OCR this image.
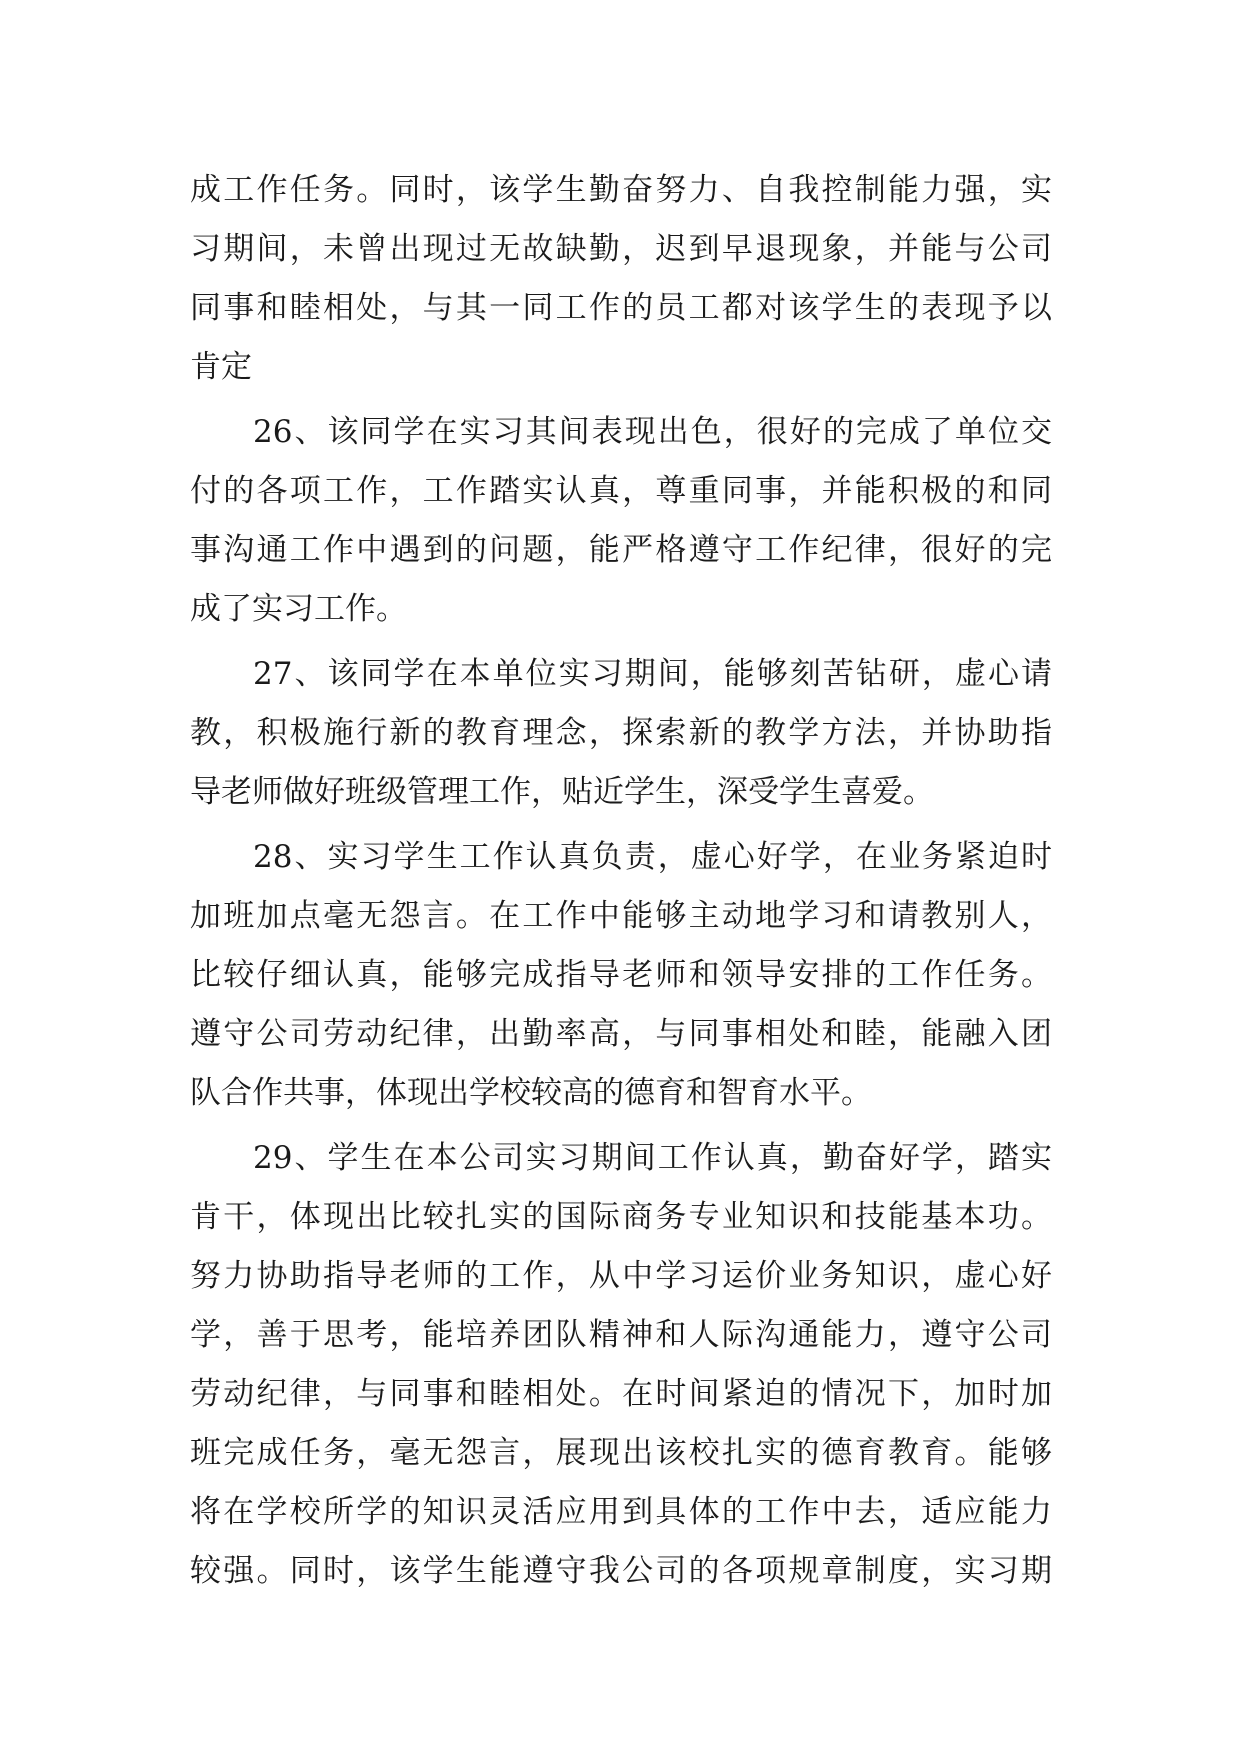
成工作任务。同时，该学生勤奋努力、自我控制能力强，实
习期间，未曾出现过无故缺勤，迟到早退现象，并能与公司
同事和睦相处，与其一同工作的员工都对该学生的表现予以
肯定
26、该同学在实习其间表现出色，很好的完成了单位交
付的各项工作，工作踏实认真，尊重同事，并能积极的和同
事沟通工作中遇到的问题，能严格遵守工作纪律，很好的完
成了实习工作。
27、该同学在本单位实习期间，能够刻苦钻研，虚心请
教，积极施行新的教育理念，探索新的教学方法，并协助指
导老师做好班级管理工作，贴近学生，深受学生喜爱。
28、实习学生工作认真负责，虚心好学，在业务紧迫时
加班加点毫无怨言。在工作中能够主动地学习和请教别人，
比较仔细认真，能够完成指导老师和领导安排的工作任务。
遵守公司劳动纪律，出勤率高，与同事相处和睦，能融入团
队合作共事，体现出学校较高的德育和智育水平。
29、学生在本公司实习期间工作认真，勤奋好学，踏实
肯干，体现出比较扎实的国际商务专业知识和技能基本功。
努力协助指导老师的工作，从中学习运价业务知识，虚心好
学，善于思考，能培养团队精神和人际沟通能力，遵守公司
劳动纪律，与同事和睦相处。在时间紧迫的情况下，加时加
班完成任务，毫无怨言，展现出该校扎实的德育教育。能够
将在学校所学的知识灵活应用到具体的工作中去，适应能力
较强。同时，该学生能遵守我公司的各项规章制度，实习期
